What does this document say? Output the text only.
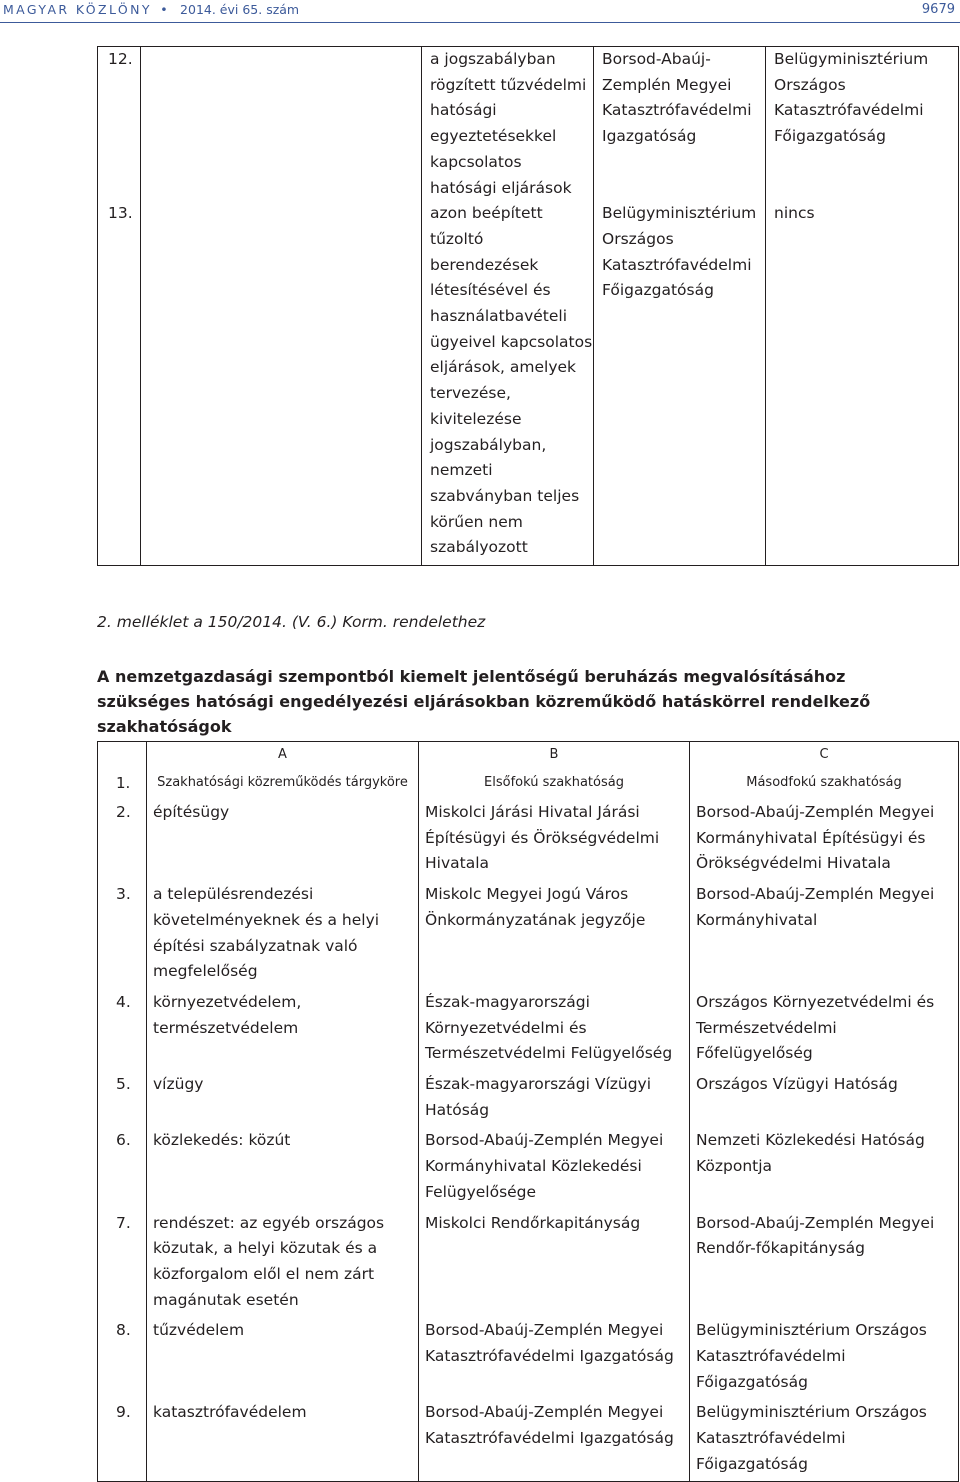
MAGYAR KÖZLÖNY • 2014. évi 65. szám	9679
12.		a jogszabályban rögzített tűzvédelmi hatósági egyeztetésekkel kapcsolatos hatósági eljárások	Borsod-Abaúj-Zemplén Megyei Katasztrófavédelmi Igazgatóság	Belügyminisztérium Országos Katasztrófavédelmi Főigazgatóság
13.		azon beépített tűzoltó berendezések létesítésével és használatbavételi ügyeivel kapcsolatos eljárások, amelyek tervezése, kivitelezése jogszabályban, nemzeti szabványban teljes körűen nem szabályozott	Belügyminisztérium Országos Katasztrófavédelmi Főigazgatóság	nincs
2. melléklet a 150/2014. (V. 6.) Korm. rendelethez
A nemzetgazdasági szempontból kiemelt jelentőségű beruházás megvalósításához szükséges hatósági engedélyezési eljárásokban közreműködő hatáskörrel rendelkező szakhatóságok
	A	B	C
1.	Szakhatósági közreműködés tárgyköre	Elsőfokú szakhatóság	Másodfokú szakhatóság
2.	építésügy	Miskolci Járási Hivatal Járási Építésügyi és Örökségvédelmi Hivatala	Borsod-Abaúj-Zemplén Megyei Kormányhivatal Építésügyi és Örökségvédelmi Hivatala
3.	a településrendezési követelményeknek és a helyi építési szabályzatnak való megfelelőség	Miskolc Megyei Jogú Város Önkormányzatának jegyzője	Borsod-Abaúj-Zemplén Megyei Kormányhivatal
4.	környezetvédelem, természetvédelem	Észak-magyarországi Környezetvédelmi és Természetvédelmi Felügyelőség	Országos Környezetvédelmi és Természetvédelmi Főfelügyelőség
5.	vízügy	Észak-magyarországi Vízügyi Hatóság	Országos Vízügyi Hatóság
6.	közlekedés: közút	Borsod-Abaúj-Zemplén Megyei Kormányhivatal Közlekedési Felügyelősége	Nemzeti Közlekedési Hatóság Központja
7.	rendészet: az egyéb országos közutak, a helyi közutak és a közforgalom elől el nem zárt magánutak esetén	Miskolci Rendőrkapitányság	Borsod-Abaúj-Zemplén Megyei Rendőr-főkapitányság
8.	tűzvédelem	Borsod-Abaúj-Zemplén Megyei Katasztrófavédelmi Igazgatóság	Belügyminisztérium Országos Katasztrófavédelmi Főigazgatóság
9.	katasztrófavédelem	Borsod-Abaúj-Zemplén Megyei Katasztrófavédelmi Igazgatóság	Belügyminisztérium Országos Katasztrófavédelmi Főigazgatóság
